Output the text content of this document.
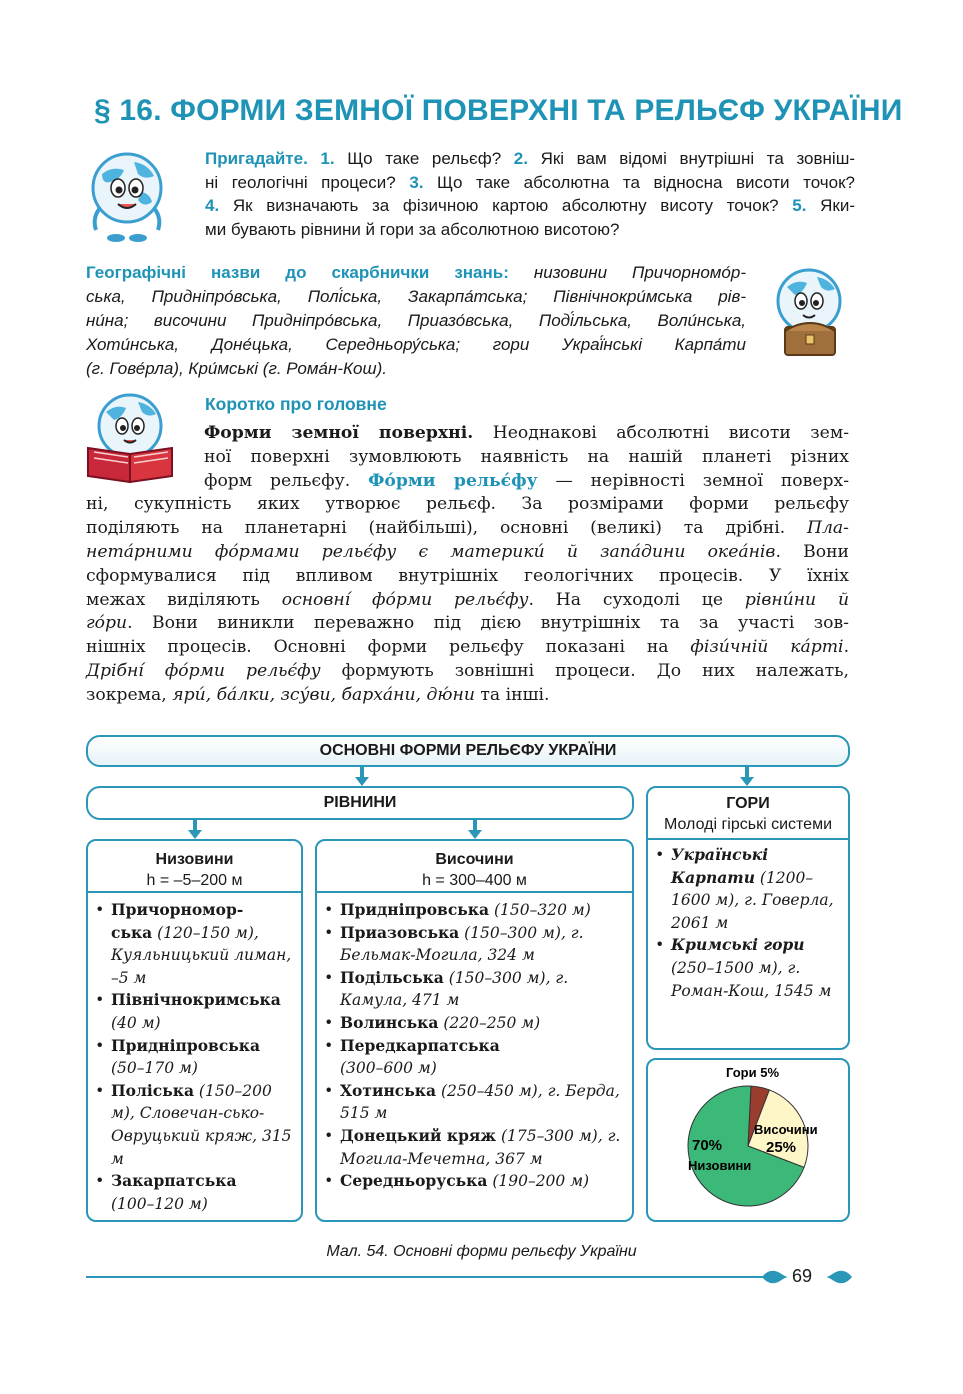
§ 16. ФОРМИ ЗЕМНОЇ ПОВЕРХНІ ТА РЕЛЬЄФ УКРАЇНИ

Пригадайте. 1. Що таке рельєф? 2. Які вам відомі внутрішні та зовніш-

ні геологічні процеси? 3. Що таке абсолютна та відносна висоти точок?

4. Як визначають за фізичною картою абсолютну висоту точок? 5. Яки-

ми бувають рівнини й гори за абсолютною висотою?

Географічні назви до скарбнички знань: низовини Причорномо́р-
ська, Придніпро́вська, Полі́ська, Закарпа́тська; Північнокри́мська рів-
ни́на; височини Придніпро́вська, Приазо́вська, Поді́льська, Воли́нська,
Хоти́нська, Доне́цька, Середньору́ська; гори Украї́нські Карпа́ти
(г. Гове́рла), Кри́мські (г. Рома́н-Кош).
Коротко про головне
Форми земної поверхні. Неоднакові абсолютні висоти зем-
ної поверхні зумовлюють наявність на нашій планеті різних
форм рельєфу. Фо́рми рельє́фу — нерівності земної поверх-
ні, сукупність яких утворює рельєф. За розмірами форми рельєфу
поділяють на планетарні (найбільші), основні (великі) та дрібні. Пла-
нета́рними фо́рмами рельє́фу є материки́ й запа́дини океа́нів. Вони
сформувалися під впливом внутрішніх геологічних процесів. У їхніх
межах виділяють основні́ фо́рми рельє́фу. На суходолі це рівни́ни й
го́ри. Вони виникли переважно під дією внутрішніх та за участі зов-
нішніх процесів. Основні форми рельєфу показані на фізи́чній ка́рті.
Дрібні́ фо́рми рельє́фу формують зовнішні процеси. До них належать,
зокрема, яри́, ба́лки, зсу́ви, барха́ни, дю́ни та інші.
ОСНОВНІ ФОРМИ РЕЛЬЄФУ УКРАЇНИ
РІВНИНИ
Низовини
h = –5–200 м
• Причорномор-
ська (120–150 м), Куяльницький лиман, –5 м
• Північнокримська
(40 м)
• Придніпровська
(50–170 м)
• Поліська (150–200 м), Словечан-сько-Овруцький кряж, 315 м
• Закарпатська
(100–120 м)
Височини
h = 300–400 м
• Придніпровська (150–320 м)
• Приазовська (150–300 м), г. Бельмак-Могила, 324 м
• Подільська (150–300 м), г. Камула, 471 м
• Волинська (220–250 м)
• Передкарпатська
(300–600 м)
• Хотинська (250–450 м), г. Берда, 515 м
• Донецький кряж (175–300 м), г. Могила-Мечетна, 367 м
• Середньоруська (190–200 м)
ГОРИ
Молоді гірські системи
• Українські Карпати (1200–1600 м), г. Говерла, 2061 м
• Кримські гори (250–1500 м), г. Роман-Кош, 1545 м
Гори 5%
Височини
25%
70%
Низовини
Мал. 54. Основні форми рельєфу України
69
